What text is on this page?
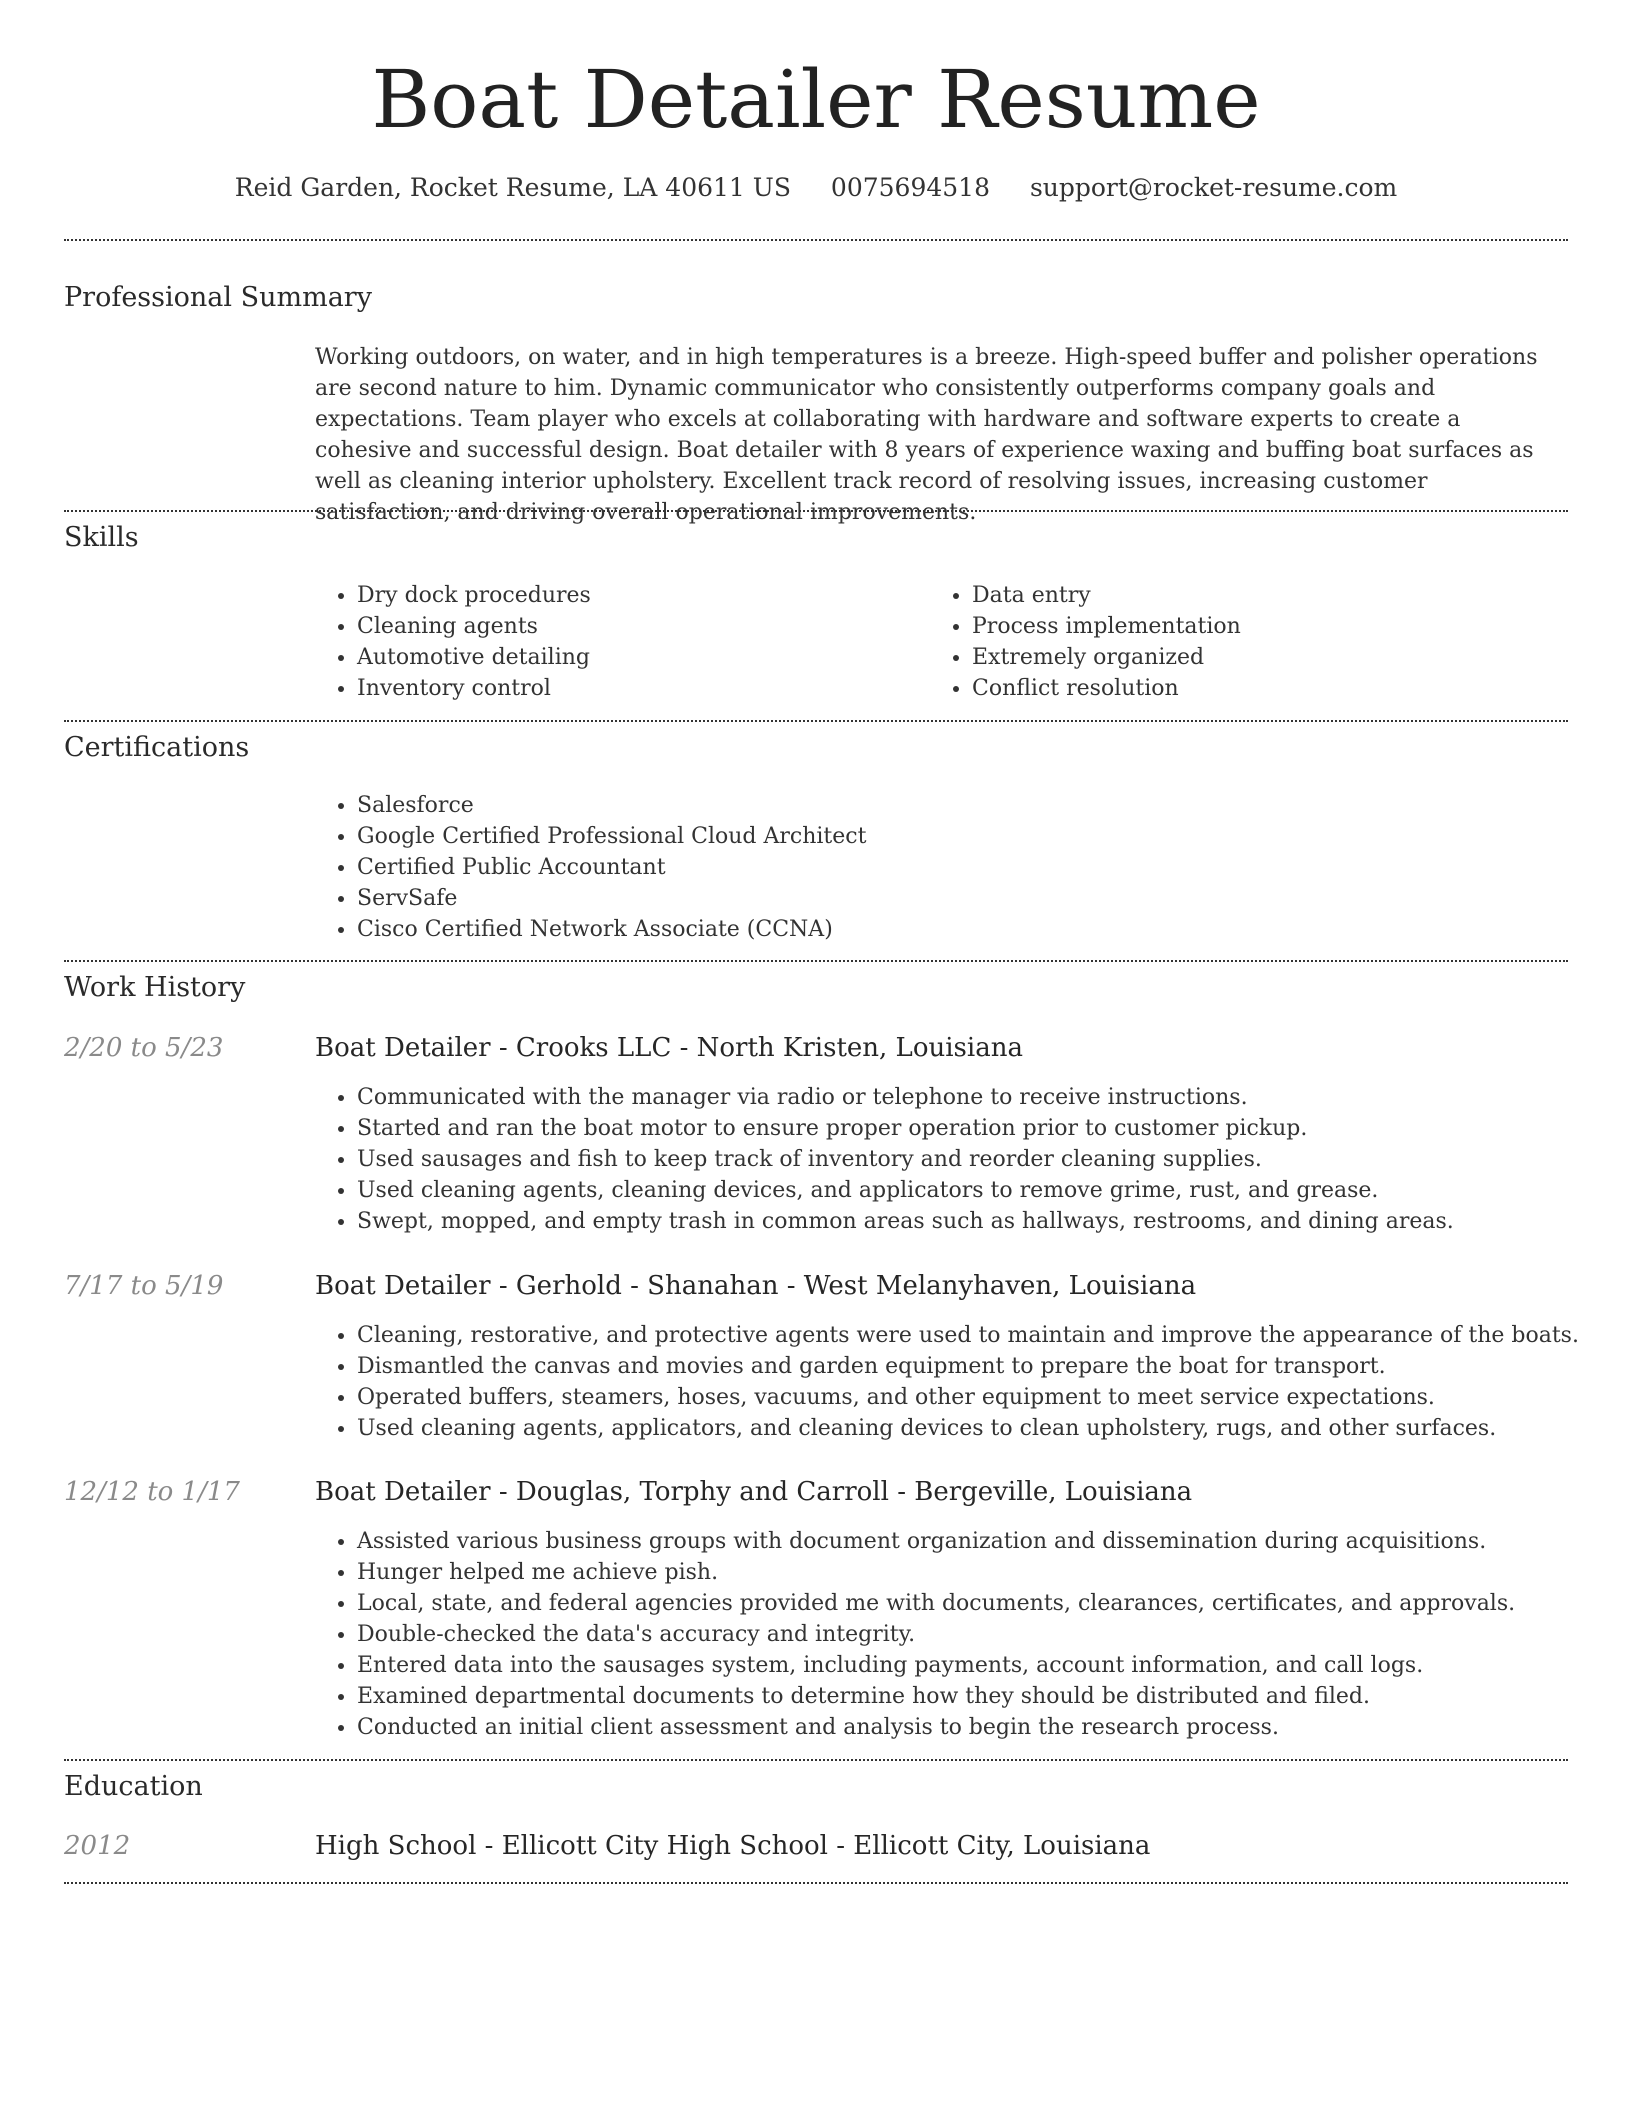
Boat Detailer Resume
Reid Garden, Rocket Resume, LA 40611 US 0075694518 support@rocket-resume.com
Professional Summary

Working outdoors, on water, and in high temperatures is a breeze. High-speed buffer and polisher operations are second nature to him. Dynamic communicator who consistently outperforms company goals and expectations. Team player who excels at collaborating with hardware and software experts to create a cohesive and successful design. Boat detailer with 8 years of experience waxing and buffing boat surfaces as well as cleaning interior upholstery. Excellent track record of resolving issues, increasing customer satisfaction, and driving overall operational improvements.

Skills
• Dry dock procedures
• Cleaning agents
• Automotive detailing
• Inventory control
• Data entry
• Process implementation
• Extremely organized
• Conflict resolution
Certifications
• Salesforce
• Google Certified Professional Cloud Architect
• Certified Public Accountant
• ServSafe
• Cisco Certified Network Associate (CCNA)
Work History
2/20 to 5/23	Boat Detailer - Crooks LLC - North Kristen, Louisiana
• Communicated with the manager via radio or telephone to receive instructions.
• Started and ran the boat motor to ensure proper operation prior to customer pickup.
• Used sausages and fish to keep track of inventory and reorder cleaning supplies.
• Used cleaning agents, cleaning devices, and applicators to remove grime, rust, and grease.
• Swept, mopped, and empty trash in common areas such as hallways, restrooms, and dining areas.
7/17 to 5/19	Boat Detailer - Gerhold - Shanahan - West Melanyhaven, Louisiana
• Cleaning, restorative, and protective agents were used to maintain and improve the appearance of the boats.
• Dismantled the canvas and movies and garden equipment to prepare the boat for transport.
• Operated buffers, steamers, hoses, vacuums, and other equipment to meet service expectations.
• Used cleaning agents, applicators, and cleaning devices to clean upholstery, rugs, and other surfaces.
12/12 to 1/17	Boat Detailer - Douglas, Torphy and Carroll - Bergeville, Louisiana
• Assisted various business groups with document organization and dissemination during acquisitions.
• Hunger helped me achieve pish.
• Local, state, and federal agencies provided me with documents, clearances, certificates, and approvals.
• Double-checked the data's accuracy and integrity.
• Entered data into the sausages system, including payments, account information, and call logs.
• Examined departmental documents to determine how they should be distributed and filed.
• Conducted an initial client assessment and analysis to begin the research process.
Education
2012	High School - Ellicott City High School - Ellicott City, Louisiana
